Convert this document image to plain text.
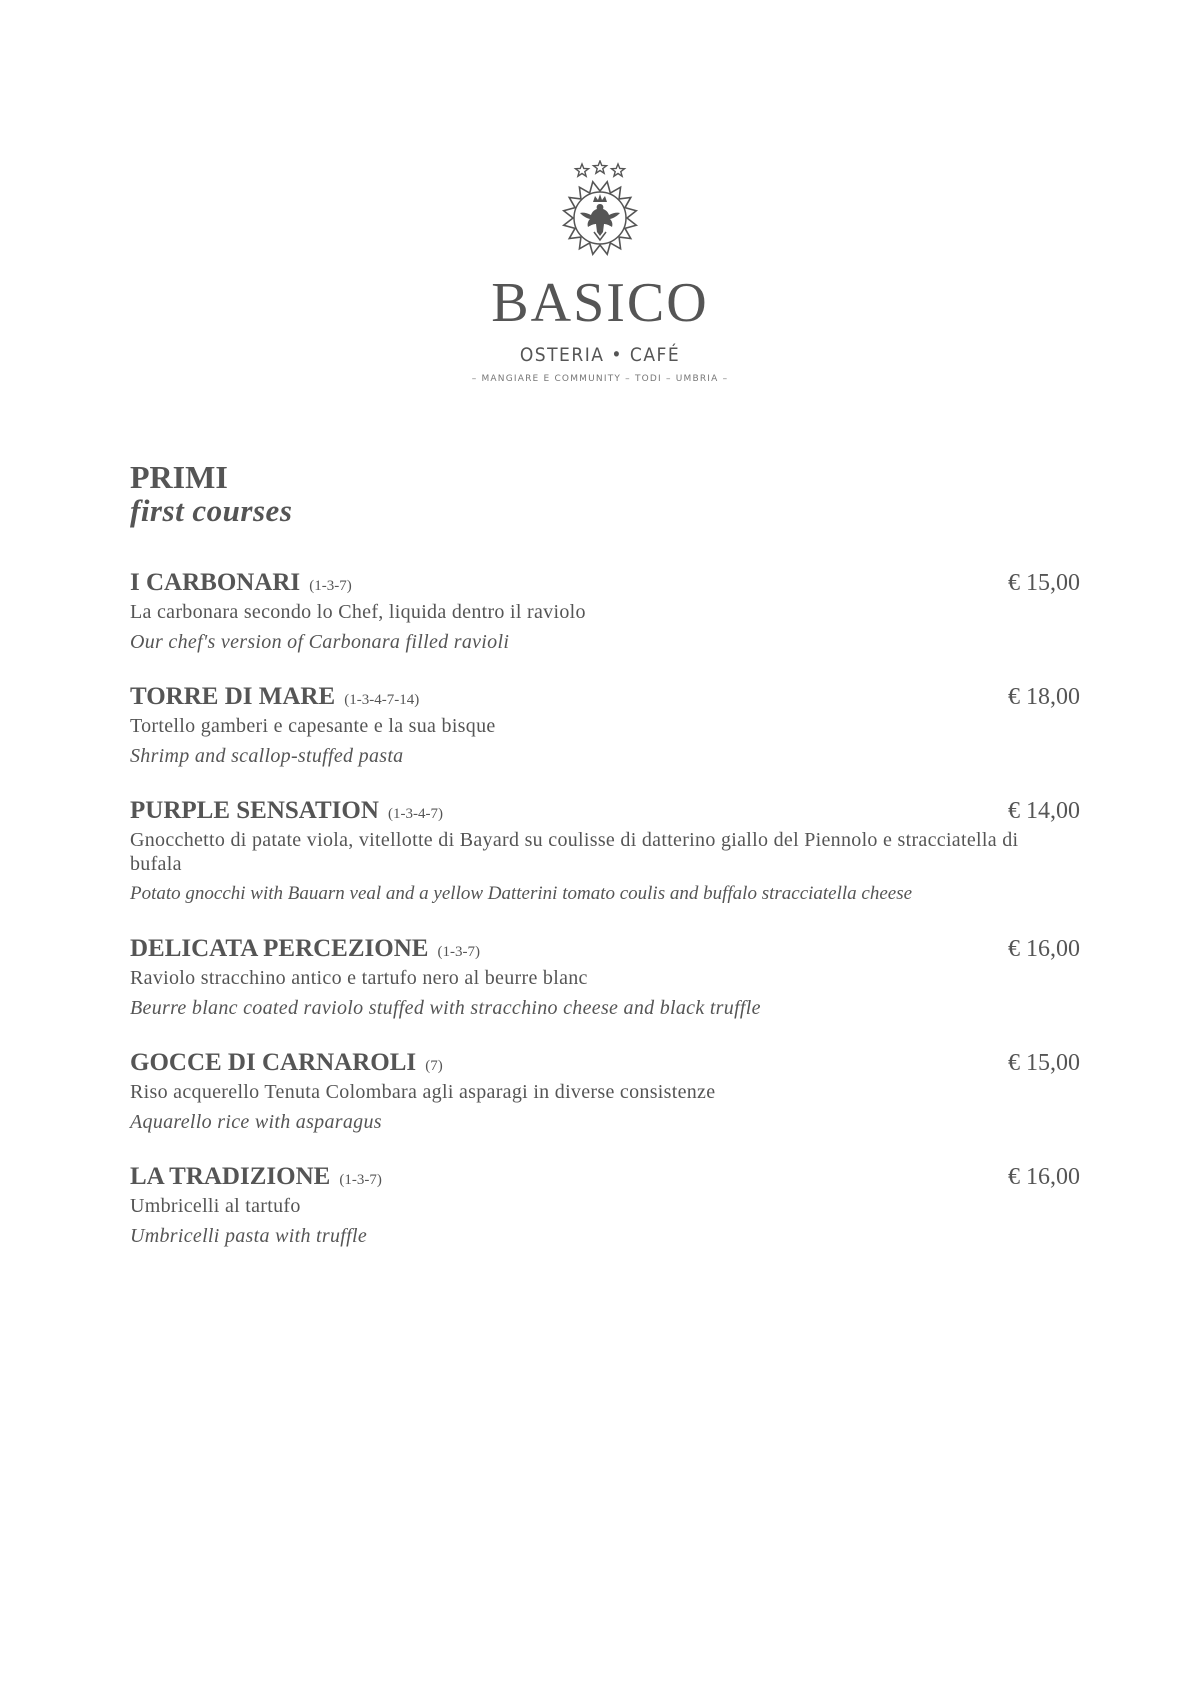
BASICO
OSTERIA • CAFÉ
– MANGIARE E COMMUNITY – TODI – UMBRIA –
PRIMI
first courses
I CARBONARI (1-3-7)	€ 15,00
La carbonara secondo lo Chef, liquida dentro il raviolo
Our chef's version of Carbonara filled ravioli
TORRE DI MARE (1-3-4-7-14)	€ 18,00
Tortello gamberi e capesante e la sua bisque
Shrimp and scallop-stuffed pasta
PURPLE SENSATION (1-3-4-7)	€ 14,00
Gnocchetto di patate viola, vitellotte di Bayard su coulisse di datterino giallo del Piennolo e stracciatella di bufala
Potato gnocchi with Bauarn veal and a yellow Datterini tomato coulis and buffalo stracciatella cheese
DELICATA PERCEZIONE (1-3-7)	€ 16,00
Raviolo stracchino antico e tartufo nero al beurre blanc
Beurre blanc coated raviolo stuffed with stracchino cheese and black truffle
GOCCE DI CARNAROLI (7)	€ 15,00
Riso acquerello Tenuta Colombara agli asparagi in diverse consistenze
Aquarello rice with asparagus
LA TRADIZIONE (1-3-7)	€ 16,00
Umbricelli al tartufo
Umbricelli pasta with truffle
